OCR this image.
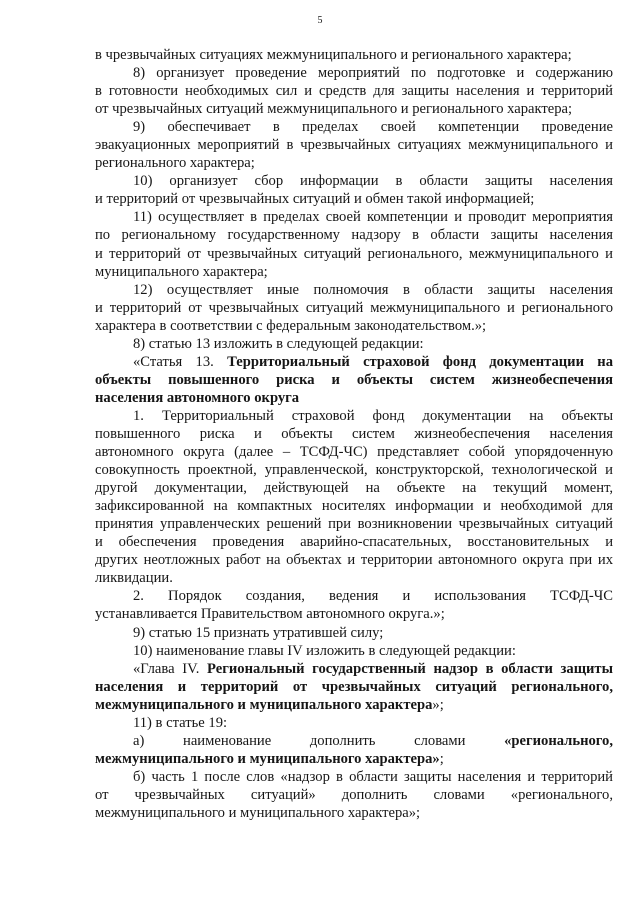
5
в чрезвычайных ситуациях межмуниципального и регионального характера;
8) организует проведение мероприятий по подготовке и содержанию
в готовности необходимых сил и средств для защиты населения и территорий
от чрезвычайных ситуаций межмуниципального и регионального характера;
9) обеспечивает в пределах своей компетенции проведение
эвакуационных мероприятий в чрезвычайных ситуациях межмуниципального и
регионального характера;
10) организует сбор информации в области защиты населения
и территорий от чрезвычайных ситуаций и обмен такой информацией;
11) осуществляет в пределах своей компетенции и проводит мероприятия
по региональному государственному надзору в области защиты населения
и территорий от чрезвычайных ситуаций регионального, межмуниципального и
муниципального характера;
12) осуществляет иные полномочия в области защиты населения
и территорий от чрезвычайных ситуаций межмуниципального и регионального
характера в соответствии с федеральным законодательством.»;
8) статью 13 изложить в следующей редакции:
«Статья 13. Территориальный страховой фонд документации на
объекты повышенного риска и объекты систем жизнеобеспечения
населения автономного округа
1. Территориальный страховой фонд документации на объекты
повышенного риска и объекты систем жизнеобеспечения населения
автономного округа (далее – ТСФД-ЧС) представляет собой упорядоченную
совокупность проектной, управленческой, конструкторской, технологической и
другой документации, действующей на объекте на текущий момент,
зафиксированной на компактных носителях информации и необходимой для
принятия управленческих решений при возникновении чрезвычайных ситуаций
и обеспечения проведения аварийно-спасательных, восстановительных и
других неотложных работ на объектах и территории автономного округа при их
ликвидации.
2. Порядок создания, ведения и использования ТСФД-ЧС
устанавливается Правительством автономного округа.»;
9) статью 15 признать утратившей силу;
10) наименование главы IV изложить в следующей редакции:
«Глава IV. Региональный государственный надзор в области защиты
населения и территорий от чрезвычайных ситуаций регионального,
межмуниципального и муниципального характера»;
11) в статье 19:
а) наименование дополнить словами «регионального,
межмуниципального и муниципального характера»;
б) часть 1 после слов «надзор в области защиты населения и территорий
от чрезвычайных ситуаций» дополнить словами «регионального,
межмуниципального и муниципального характера»;
